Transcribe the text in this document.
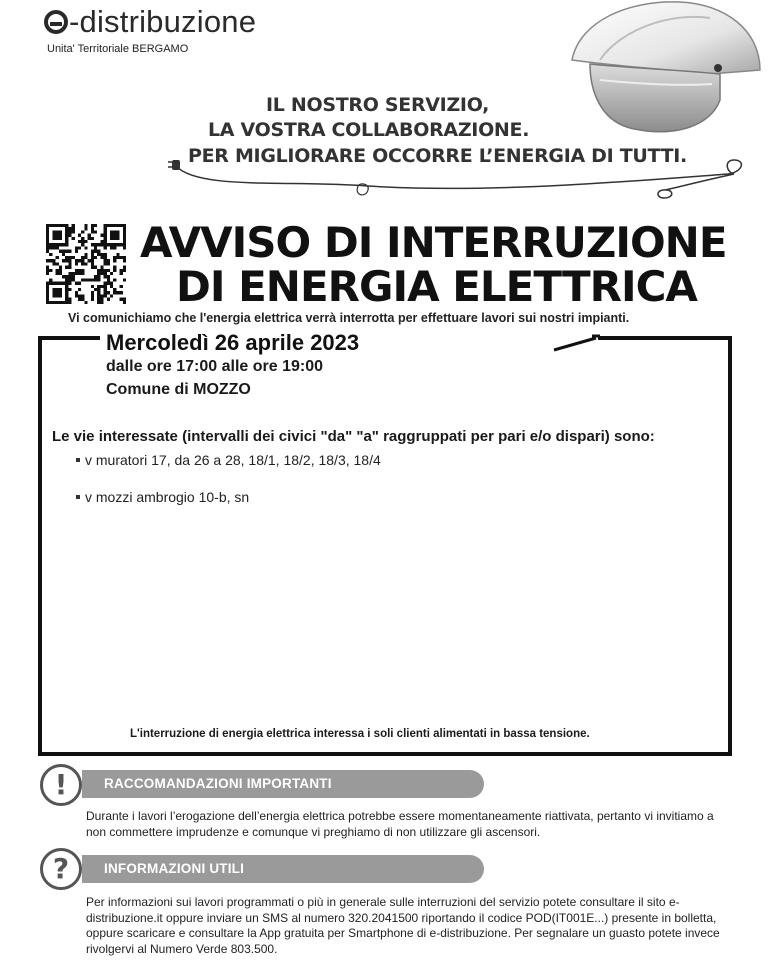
-distribuzione
Unita' Territoriale BERGAMO
IL NOSTRO SERVIZIO,
LA VOSTRA COLLABORAZIONE.
PER MIGLIORARE OCCORRE L’ENERGIA DI TUTTI.
AVVISO DI INTERRUZIONE
DI ENERGIA ELETTRICA
Vi comunichiamo che l'energia elettrica verrà interrotta per effettuare lavori sui nostri impianti.
Mercoledì 26 aprile 2023
dalle ore 17:00 alle ore 19:00
Comune di MOZZO
Le vie interessate (intervalli dei civici "da" "a" raggruppati per pari e/o dispari) sono:
v muratori 17, da 26 a 28, 18/1, 18/2, 18/3, 18/4
v mozzi ambrogio 10-b, sn
L'interruzione di energia elettrica interessa i soli clienti alimentati in bassa tensione.
RACCOMANDAZIONI IMPORTANTI
!
Durante i lavori l’erogazione dell’energia elettrica potrebbe essere momentaneamente riattivata, pertanto vi invitiamo a non commettere imprudenze e comunque vi preghiamo di non utilizzare gli ascensori.
INFORMAZIONI UTILI
?
Per informazioni sui lavori programmati o più in generale sulle interruzioni del servizio potete consultare il sito e-distribuzione.it oppure inviare un SMS al numero 320.2041500 riportando il codice POD(IT001E...) presente in bolletta, oppure scaricare e consultare la App gratuita per Smartphone di e-distribuzione. Per segnalare un guasto potete invece rivolgervi al Numero Verde 803.500.
